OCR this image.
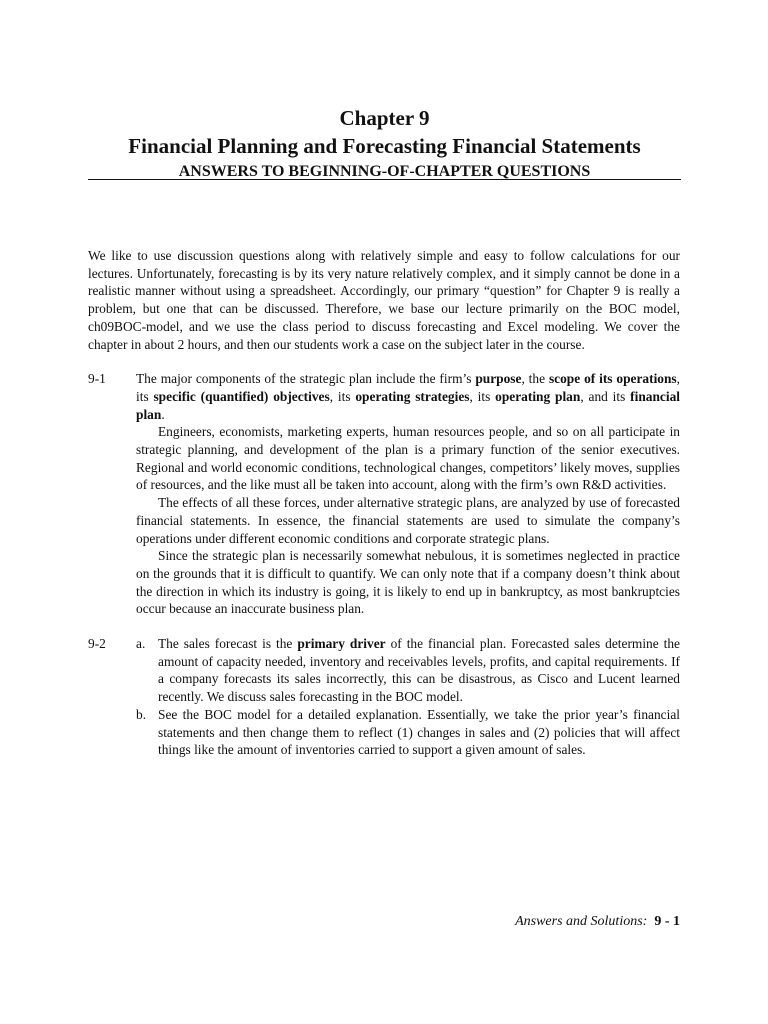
Chapter 9
Financial Planning and Forecasting Financial Statements
ANSWERS TO BEGINNING-OF-CHAPTER QUESTIONS

We like to use discussion questions along with relatively simple and easy to follow calculations for our lectures. Unfortunately, forecasting is by its very nature relatively complex, and it simply cannot be done in a realistic manner without using a spreadsheet. Accordingly, our primary “question” for Chapter 9 is really a problem, but one that can be discussed. Therefore, we base our lecture primarily on the BOC model, ch09BOC-model, and we use the class period to discuss forecasting and Excel modeling. We cover the chapter in about 2 hours, and then our students work a case on the subject later in the course.

9-1	The major components of the strategic plan include the firm’s purpose, the scope of its operations, its specific (quantified) objectives, its operating strategies, its operating plan, and its financial plan.

Engineers, economists, marketing experts, human resources people, and so on all participate in strategic planning, and development of the plan is a primary function of the senior executives. Regional and world economic conditions, technological changes, competitors’ likely moves, supplies of resources, and the like must all be taken into account, along with the firm’s own R&D activities.

The effects of all these forces, under alternative strategic plans, are analyzed by use of forecasted financial statements. In essence, the financial statements are used to simulate the company’s operations under different economic conditions and corporate strategic plans.

Since the strategic plan is necessarily somewhat nebulous, it is sometimes neglected in practice on the grounds that it is difficult to quantify. We can only note that if a company doesn’t think about the direction in which its industry is going, it is likely to end up in bankruptcy, as most bankruptcies occur because an inaccurate business plan.

9-2	a. The sales forecast is the primary driver of the financial plan. Forecasted sales determine the amount of capacity needed, inventory and receivables levels, profits, and capital requirements. If a company forecasts its sales incorrectly, this can be disastrous, as Cisco and Lucent learned recently. We discuss sales forecasting in the BOC model.
b. See the BOC model for a detailed explanation. Essentially, we take the prior year’s financial statements and then change them to reflect (1) changes in sales and (2) policies that will affect things like the amount of inventories carried to support a given amount of sales.
Answers and Solutions: 9 - 1
